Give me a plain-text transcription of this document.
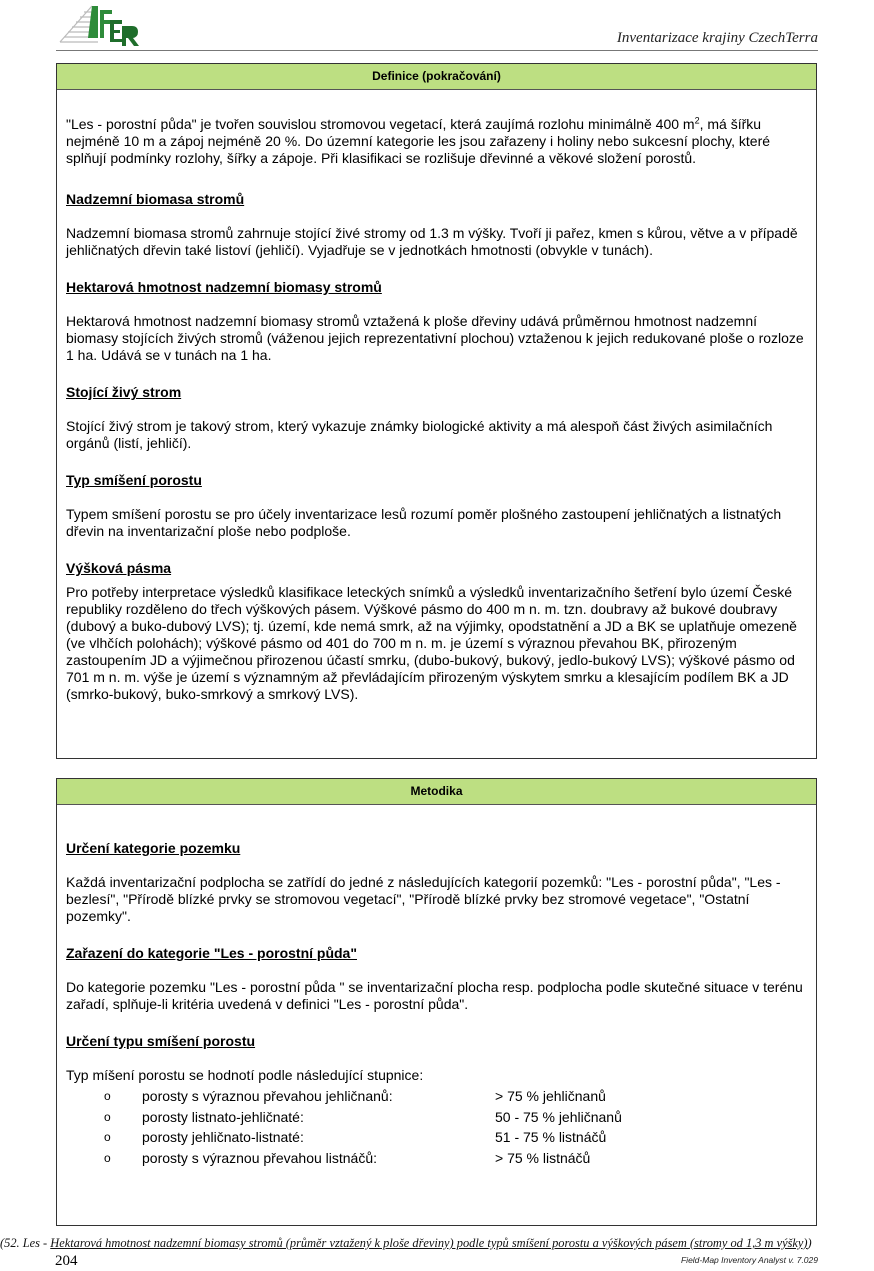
Inventarizace krajiny CzechTerra
Definice (pokračování)

"Les - porostní půda" je tvořen souvislou stromovou vegetací, která zaujímá rozlohu minimálně 400 $m^2$, má šířku nejméně 10 m a zápoj nejméně 20 %. Do územní kategorie les jsou zařazeny i holiny nebo sukcesní plochy, které splňují podmínky rozlohy, šířky a zápoje. Při klasifikaci se rozlišuje dřevinné a věkové složení porostů.

Nadzemní biomasa stromů

Nadzemní biomasa stromů zahrnuje stojící živé stromy od 1.3 m výšky. Tvoří ji pařez, kmen s kůrou, větve a v případě jehličnatých dřevin také listoví (jehličí). Vyjadřuje se v jednotkách hmotnosti (obvykle v tunách).

Hektarová hmotnost nadzemní biomasy stromů

Hektarová hmotnost nadzemní biomasy stromů vztažená k ploše dřeviny udává průměrnou hmotnost nadzemní biomasy stojících živých stromů (váženou jejich reprezentativní plochou) vztaženou k jejich redukované ploše o rozloze 1 ha. Udává se v tunách na 1 ha.

Stojící živý strom

Stojící živý strom je takový strom, který vykazuje známky biologické aktivity a má alespoň část živých asimilačních orgánů (listí, jehličí).

Typ smíšení porostu

Typem smíšení porostu se pro účely inventarizace lesů rozumí poměr plošného zastoupení jehličnatých a listnatých dřevin na inventarizační ploše nebo podploše.

Výšková pásma

Pro potřeby interpretace výsledků klasifikace leteckých snímků a výsledků inventarizačního šetření bylo území České republiky rozděleno do třech výškových pásem. Výškové pásmo do 400 m n. m. tzn. doubravy až bukové doubravy (dubový a buko-dubový LVS); tj. území, kde nemá smrk, až na výjimky, opodstatnění a JD a BK se uplatňuje omezeně (ve vlhčích polohách); výškové pásmo od 401 do 700 m n. m. je území s výraznou převahou BK, přirozeným zastoupením JD a výjimečnou přirozenou účastí smrku, (dubo-bukový, bukový, jedlo-bukový LVS); výškové pásmo od 701 m n. m. výše je území s významným až převládajícím přirozeným výskytem smrku a klesajícím podílem BK a JD (smrko-bukový, buko-smrkový a smrkový LVS).

Metodika

Určení kategorie pozemku

Každá inventarizační podplocha se zatřídí do jedné z následujících kategorií pozemků: "Les - porostní půda", "Les - bezlesí", "Přírodě blízké prvky se stromovou vegetací", "Přírodě blízké prvky bez stromové vegetace", "Ostatní pozemky".

Zařazení do kategorie "Les - porostní půda"

Do kategorie pozemku "Les - porostní půda " se inventarizační plocha resp. podplocha podle skutečné situace v terénu zařadí, splňuje-li kritéria uvedená v definici "Les - porostní půda".

Určení typu smíšení porostu

Typ míšení porostu se hodnotí podle následující stupnice:

o	porosty s výraznou převahou jehličnanů:	> 75 % jehličnanů
o	porosty listnato-jehličnaté:	50 - 75 % jehličnanů
o	porosty jehličnato-listnaté:	51 - 75 % listnáčů
o	porosty s výraznou převahou listnáčů:	> 75 % listnáčů
(52. Les - Hektarová hmotnost nadzemní biomasy stromů (průměr vztažený k ploše dřeviny) podle typů smíšení porostu a výškových pásem (stromy od 1,3 m výšky))
204	Field-Map Inventory Analyst v. 7.029
